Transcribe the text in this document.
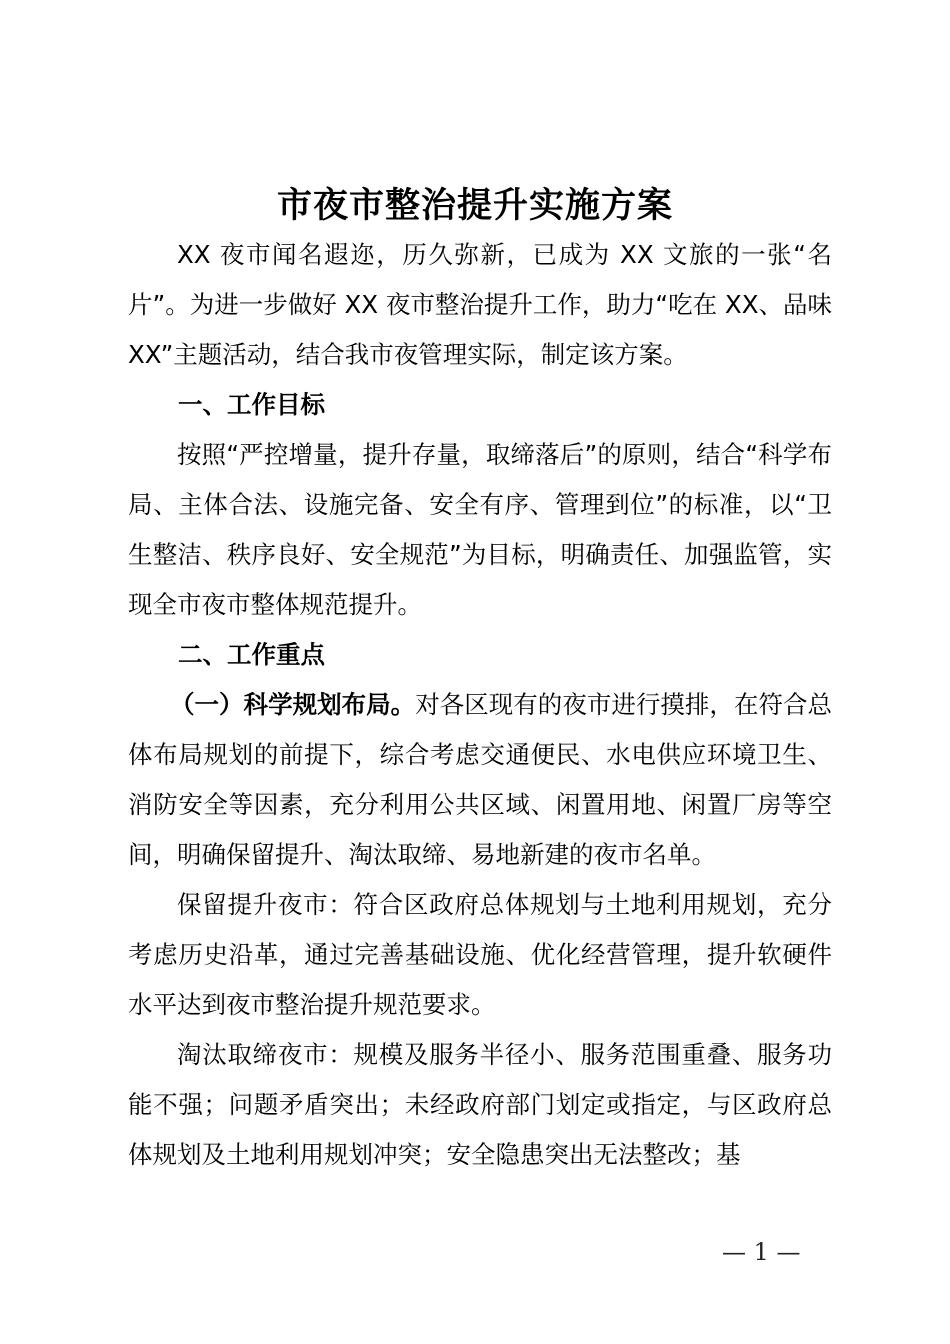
市夜市整治提升实施方案

XX 夜市闻名遐迩，历久弥新，已成为 XX 文旅的一张“名片”。为进一步做好 XX 夜市整治提升工作，助力“吃在 XX、品味 XX”主题活动，结合我市夜管理实际，制定该方案。

一、工作目标

按照“严控增量，提升存量，取缔落后”的原则，结合“科学布局、主体合法、设施完备、安全有序、管理到位”的标准，以“卫生整洁、秩序良好、安全规范”为目标，明确责任、加强监管，实现全市夜市整体规范提升。

二、工作重点

（一）科学规划布局。对各区现有的夜市进行摸排，在符合总体布局规划的前提下，综合考虑交通便民、水电供应环境卫生、消防安全等因素，充分利用公共区域、闲置用地、闲置厂房等空间，明确保留提升、淘汰取缔、易地新建的夜市名单。

保留提升夜市：符合区政府总体规划与土地利用规划，充分考虑历史沿革，通过完善基础设施、优化经营管理，提升软硬件水平达到夜市整治提升规范要求。

淘汰取缔夜市：规模及服务半径小、服务范围重叠、服务功能不强；问题矛盾突出；未经政府部门划定或指定，与区政府总体规划及土地利用规划冲突；安全隐患突出无法整改；基

— 1 —
